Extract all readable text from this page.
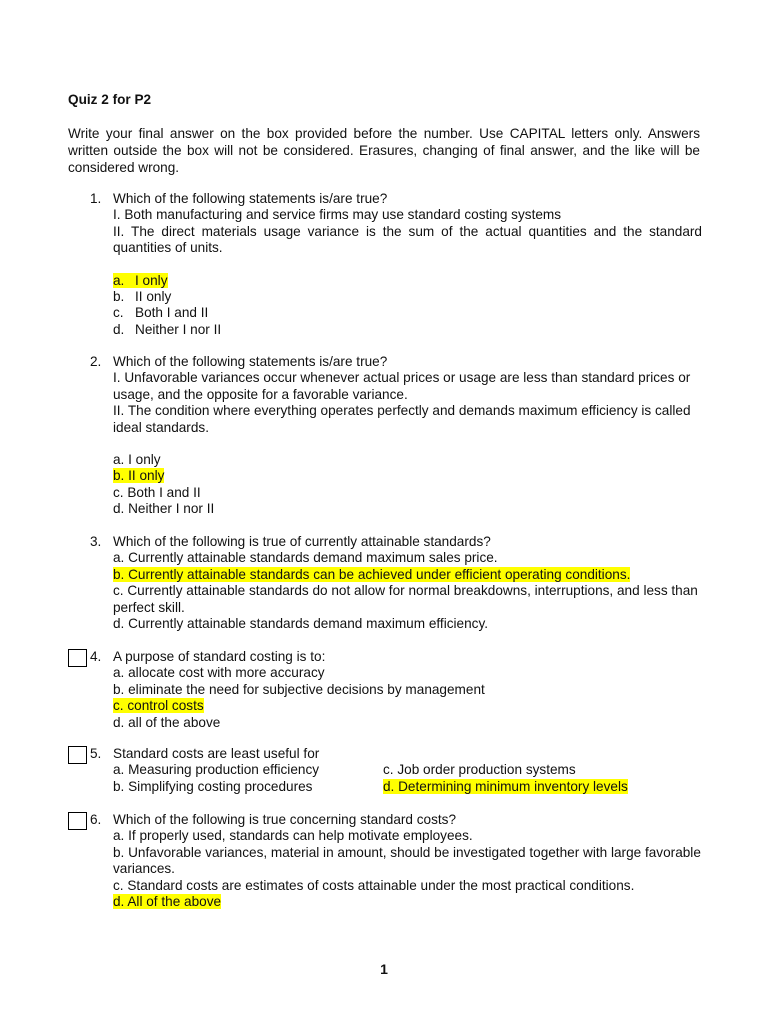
Quiz 2 for P2
Write your final answer on the box provided before the number. Use CAPITAL letters only. Answers written outside the box will not be considered. Erasures, changing of final answer, and the like will be considered wrong.
1. Which of the following statements is/are true?
I. Both manufacturing and service firms may use standard costing systems
II. The direct materials usage variance is the sum of the actual quantities and the standard quantities of units.
a. I only
b. II only
c. Both I and II
d. Neither I nor II
2. Which of the following statements is/are true?
I. Unfavorable variances occur whenever actual prices or usage are less than standard prices or usage, and the opposite for a favorable variance.
II. The condition where everything operates perfectly and demands maximum efficiency is called ideal standards.
a. I only
b. II only
c. Both I and II
d. Neither I nor II
3. Which of the following is true of currently attainable standards?
a. Currently attainable standards demand maximum sales price.
b. Currently attainable standards can be achieved under efficient operating conditions.
c. Currently attainable standards do not allow for normal breakdowns, interruptions, and less than perfect skill.
d. Currently attainable standards demand maximum efficiency.
4. A purpose of standard costing is to:
a. allocate cost with more accuracy
b. eliminate the need for subjective decisions by management
c. control costs
d. all of the above
5. Standard costs are least useful for
a. Measuring production efficiency	c. Job order production systems
b. Simplifying costing procedures	d. Determining minimum inventory levels
6. Which of the following is true concerning standard costs?
a. If properly used, standards can help motivate employees.
b. Unfavorable variances, material in amount, should be investigated together with large favorable variances.
c. Standard costs are estimates of costs attainable under the most practical conditions.
d. All of the above
1
